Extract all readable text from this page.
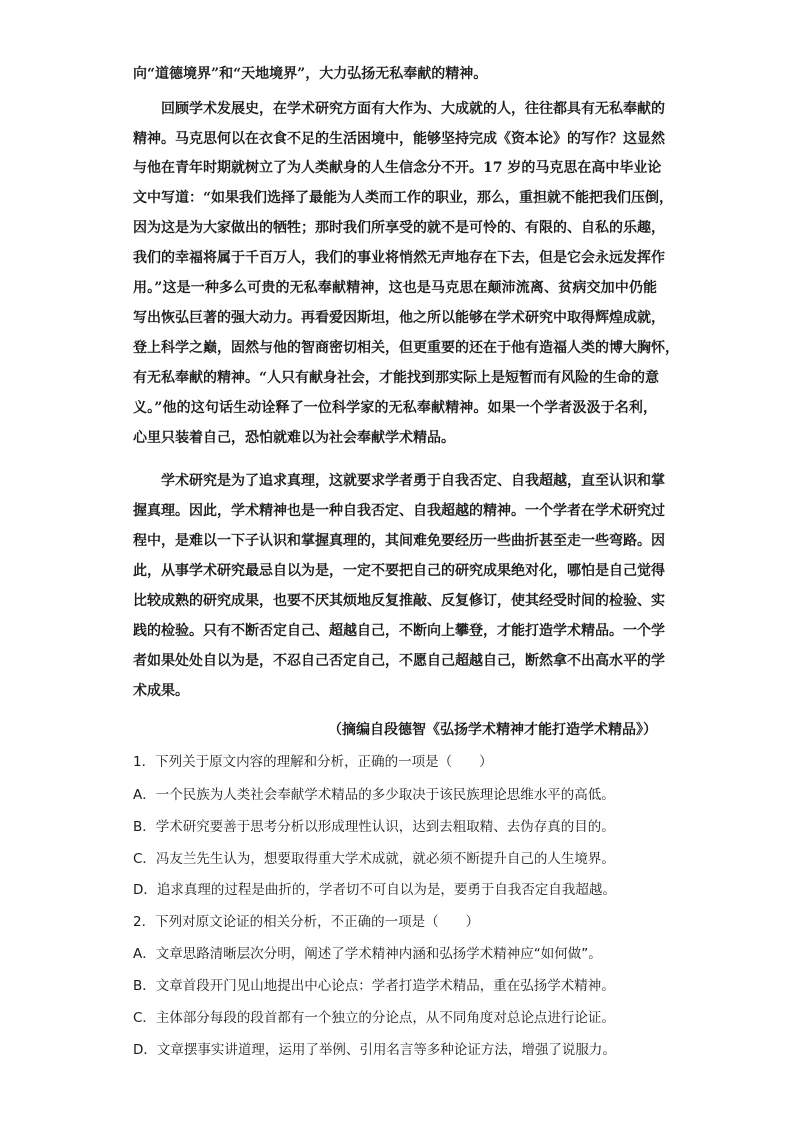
向“道德境界”和“天地境界”，大力弘扬无私奉献的精神。

　　回顾学术发展史，在学术研究方面有大作为、大成就的人，往往都具有无私奉献的

精神。马克思何以在衣食不足的生活困境中，能够坚持完成《资本论》的写作？这显然

与他在青年时期就树立了为人类献身的人生信念分不开。17 岁的马克思在高中毕业论

文中写道：“如果我们选择了最能为人类而工作的职业，那么，重担就不能把我们压倒，

因为这是为大家做出的牺牲；那时我们所享受的就不是可怜的、有限的、自私的乐趣，

我们的幸福将属于千百万人，我们的事业将悄然无声地存在下去，但是它会永远发挥作

用。”这是一种多么可贵的无私奉献精神，这也是马克思在颠沛流离、贫病交加中仍能

写出恢弘巨著的强大动力。再看爱因斯坦，他之所以能够在学术研究中取得辉煌成就，

登上科学之巅，固然与他的智商密切相关，但更重要的还在于他有造福人类的博大胸怀，

有无私奉献的精神。“人只有献身社会，才能找到那实际上是短暂而有风险的生命的意

义。”他的这句话生动诠释了一位科学家的无私奉献精神。如果一个学者汲汲于名利，

心里只装着自己，恐怕就难以为社会奉献学术精品。

　　学术研究是为了追求真理，这就要求学者勇于自我否定、自我超越，直至认识和掌

握真理。因此，学术精神也是一种自我否定、自我超越的精神。一个学者在学术研究过

程中，是难以一下子认识和掌握真理的，其间难免要经历一些曲折甚至走一些弯路。因

此，从事学术研究最忌自以为是，一定不要把自己的研究成果绝对化，哪怕是自己觉得

比较成熟的研究成果，也要不厌其烦地反复推敲、反复修订，使其经受时间的检验、实

践的检验。只有不断否定自己、超越自己，不断向上攀登，才能打造学术精品。一个学

者如果处处自以为是，不忍自己否定自己，不愿自己超越自己，断然拿不出高水平的学

术成果。

（摘编自段德智《弘扬学术精神才能打造学术精品》）

1．下列关于原文内容的理解和分析，正确的一项是（　　）

A．一个民族为人类社会奉献学术精品的多少取决于该民族理论思维水平的高低。

B．学术研究要善于思考分析以形成理性认识，达到去粗取精、去伪存真的目的。

C．冯友兰先生认为，想要取得重大学术成就，就必须不断提升自己的人生境界。

D．追求真理的过程是曲折的，学者切不可自以为是，要勇于自我否定自我超越。

2．下列对原文论证的相关分析，不正确的一项是（　　）

A．文章思路清晰层次分明，阐述了学术精神内涵和弘扬学术精神应“如何做”。

B．文章首段开门见山地提出中心论点：学者打造学术精品，重在弘扬学术精神。

C．主体部分每段的段首都有一个独立的分论点，从不同角度对总论点进行论证。

D．文章摆事实讲道理，运用了举例、引用名言等多种论证方法，增强了说服力。
